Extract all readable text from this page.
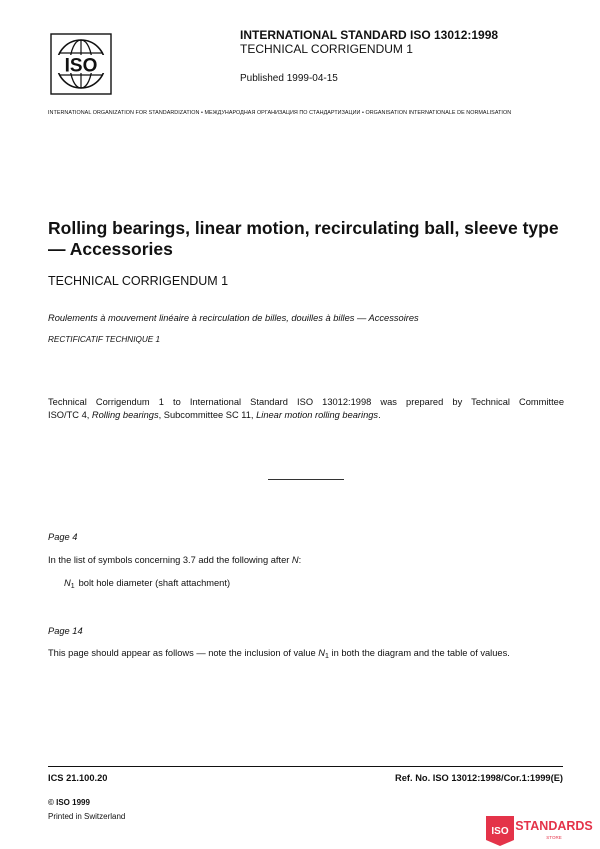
ISO
INTERNATIONAL STANDARD ISO 13012:1998
TECHNICAL CORRIGENDUM 1
Published 1999-04-15
INTERNATIONAL ORGANIZATION FOR STANDARDIZATION • МЕЖДУНАРОДНАЯ ОРГАНИЗАЦИЯ ПО СТАНДАРТИЗАЦИИ • ORGANISATION INTERNATIONALE DE NORMALISATION
Rolling bearings, linear motion, recirculating ball, sleeve type — Accessories
TECHNICAL CORRIGENDUM 1
Roulements à mouvement linéaire à recirculation de billes, douilles à billes — Accessoires
RECTIFICATIF TECHNIQUE 1
Technical Corrigendum 1 to International Standard ISO 13012:1998 was prepared by Technical Committee
ISO/TC 4, Rolling bearings, Subcommittee SC 11, Linear motion rolling bearings.
Page 4
In the list of symbols concerning 3.7 add the following after N:
$N_1$ bolt hole diameter (shaft attachment)
Page 14
This page should appear as follows — note the inclusion of value $N_1$ in both the diagram and the table of values.
ICS 21.100.20	Ref. No. ISO 13012:1998/Cor.1:1999(E)
© ISO 1999
Printed in Switzerland
ISO STANDARDS
STORE
